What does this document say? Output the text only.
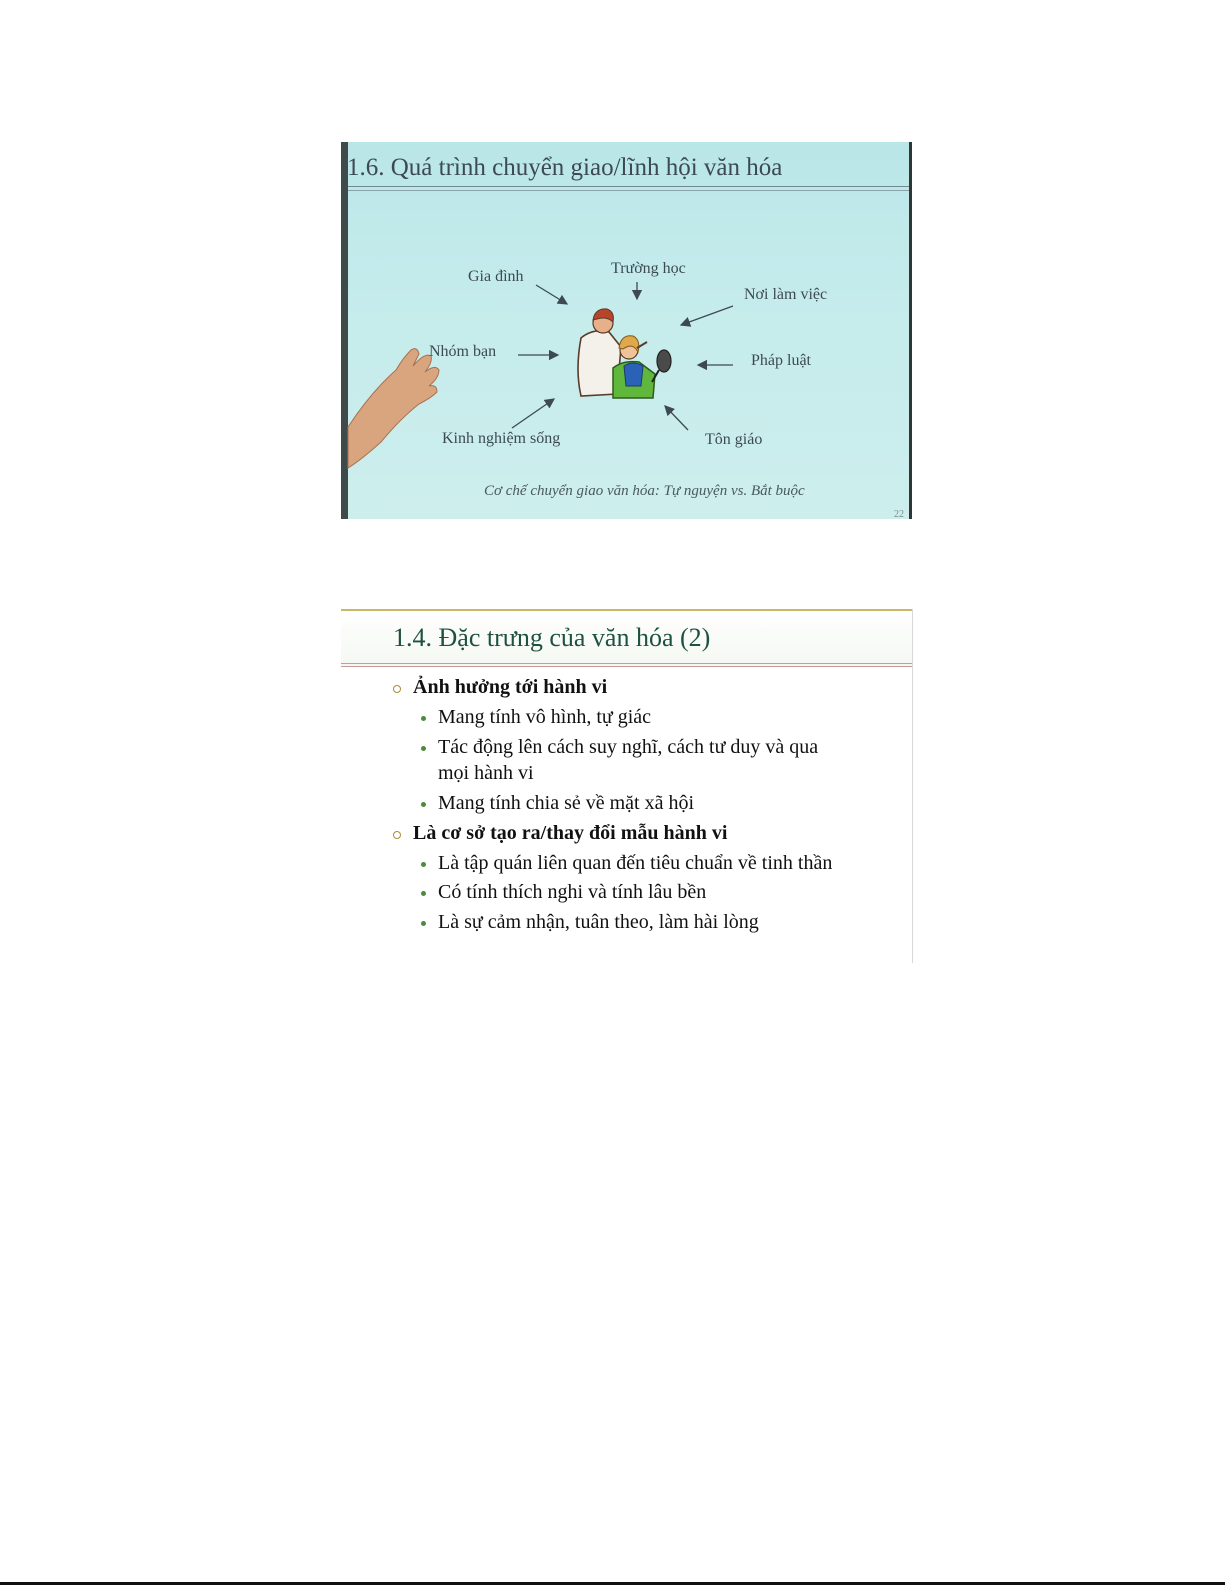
1.6. Quá trình chuyển giao/lĩnh hội văn hóa
Gia đình	Trường học
Nơi làm việc
Nhóm bạn
Pháp luật
Kinh nghiệm sống	Tôn giáo
Cơ chế chuyển giao văn hóa: Tự nguyện vs. Bắt buộc
22
1.4. Đặc trưng của văn hóa (2)
Ảnh hưởng tới hành vi
Mang tính vô hình, tự giác
Tác động lên cách suy nghĩ, cách tư duy và qua
mọi hành vi
Mang tính chia sẻ về mặt xã hội
Là cơ sở tạo ra/thay đổi mẫu hành vi
Là tập quán liên quan đến tiêu chuẩn về tinh thần
Có tính thích nghi và tính lâu bền
Là sự cảm nhận, tuân theo, làm hài lòng
